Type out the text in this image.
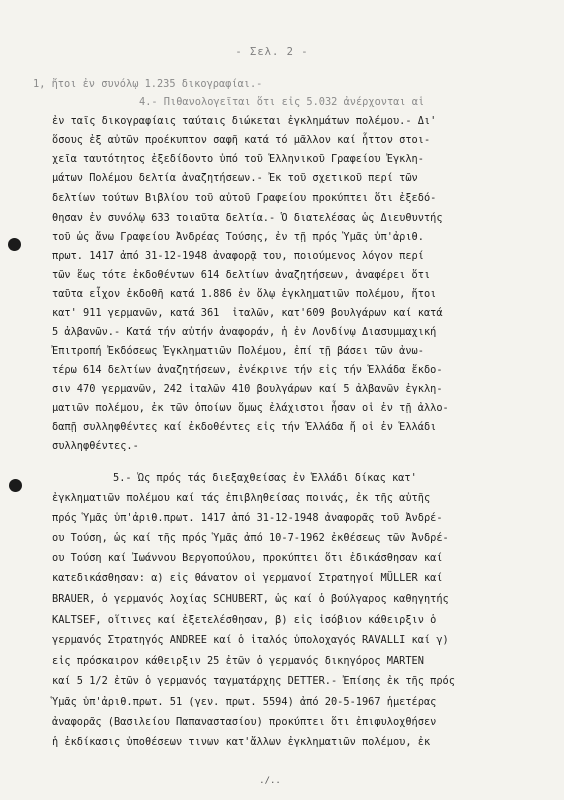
- Σελ. 2 -
1, ἤτοι ἐν συνόλῳ 1.235 δικογραφίαι.-
4.- Πιθανολογεῖται ὅτι εἰς 5.032 ἀνέρχονται αἱ
ἐν ταῖς δικογραφίαις ταύταις διώκεται ἐγκλημάτων πολέμου.- Δι'
ὅσους ἐξ αὐτῶν προέκυπτον σαφῆ κατά τό μᾶλλον καί ἧττον στοι-
χεῖα ταυτότητος ἐξεδίδοντο ὑπό τοῦ Ἑλληνικοῦ Γραφείου Ἐγκλη-
μάτων Πολέμου δελτία ἀναζητήσεων.- Ἐκ τοῦ σχετικοῦ περί τῶν
δελτίων τούτων Βιβλίου τοῦ αὐτοῦ Γραφείου προκύπτει ὅτι ἐξεδό-
θησαν ἐν συνόλῳ 633 τοιαῦτα δελτία.- Ὁ διατελέσας ὡς Διευθυντής
τοῦ ὡς ἄνω Γραφείου Ἀνδρέας Τούσης, ἐν τῇ πρός Ὑμᾶς ὑπ'ἀριθ.
πρωτ. 1417 ἀπό 31-12-1948 ἀναφορᾷ του, ποιούμενος λόγον περί
τῶν ἕως τότε ἐκδοθέντων 614 δελτίων ἀναζητήσεων, ἀναφέρει ὅτι
ταῦτα εἶχον ἐκδοθῆ κατά 1.886 ἐν ὅλῳ ἐγκληματιῶν πολέμου, ἤτοι
κατ' 911 γερμανῶν, κατά 361  ἰταλῶν, κατ'609 βουλγάρων καί κατά
5 ἀλβανῶν.- Κατά τήν αὐτήν ἀναφοράν, ἡ ἐν Λονδίνῳ Διασυμμαχική
Ἐπιτροπή Ἐκδόσεως Ἐγκληματιῶν Πολέμου, ἐπί τῇ βάσει τῶν ἀνω-
τέρω 614 δελτίων ἀναζητήσεων, ἐνέκρινε τήν εἰς τήν Ἑλλάδα ἔκδο-
σιν 470 γερμανῶν, 242 ἰταλῶν 410 βουλγάρων καί 5 ἀλβανῶν ἐγκλη-
ματιῶν πολέμου, ἐκ τῶν ὁποίων ὅμως ἐλάχιστοι ἦσαν οἱ ἐν τῇ ἀλλο-
δαπῇ συλληφθέντες καί ἐκδοθέντες εἰς τήν Ἑλλάδα ἤ οἱ ἐν Ἑλλάδι
συλληφθέντες.-
5.- Ὡς πρός τάς διεξαχθείσας ἐν Ἑλλάδι δίκας κατ'
ἐγκληματιῶν πολέμου καί τάς ἐπιβληθείσας ποινάς, ἐκ τῆς αὐτῆς
πρός Ὑμᾶς ὑπ'ἀριθ.πρωτ. 1417 ἀπό 31-12-1948 ἀναφορᾶς τοῦ Ἀνδρέ-
ου Τούση, ὡς καί τῆς πρός Ὑμᾶς ἀπό 10-7-1962 ἐκθέσεως τῶν Ἀνδρέ-
ου Τούση καί Ἰωάννου Βεργοπούλου, προκύπτει ὅτι ἐδικάσθησαν καί
κατεδικάσθησαν: α) εἰς θάνατον οἱ γερμανοί Στρατηγοί MÜLLER καί
BRAUER, ὁ γερμανός λοχίας SCHUBERT, ὡς καί ὁ βούλγαρος καθηγητής
KALTSEF, οἵτινες καί ἐξετελέσθησαν, β) εἰς ἰσόβιον κάθειρξιν ὁ
γερμανός Στρατηγός ANDREE καί ὁ ἰταλός ὑπολοχαγός RAVALLI καί γ)
εἰς πρόσκαιρον κάθειρξιν 25 ἐτῶν ὁ γερμανός δικηγόρος MARTEN
καί 5 1/2 ἐτῶν ὁ γερμανός ταγματάρχης DETTER.- Ἐπίσης ἐκ τῆς πρός
Ὑμᾶς ὑπ'ἀριθ.πρωτ. 51 (γεν. πρωτ. 5594) ἀπό 20-5-1967 ἡμετέρας
ἀναφορᾶς (Βασιλείου Παπαναστασίου) προκύπτει ὅτι ἐπιφυλοχθήσεν
ἡ ἐκδίκασις ὑποθέσεων τινων κατ'ἄλλων ἐγκληματιῶν πολέμου, ἐκ
./..
